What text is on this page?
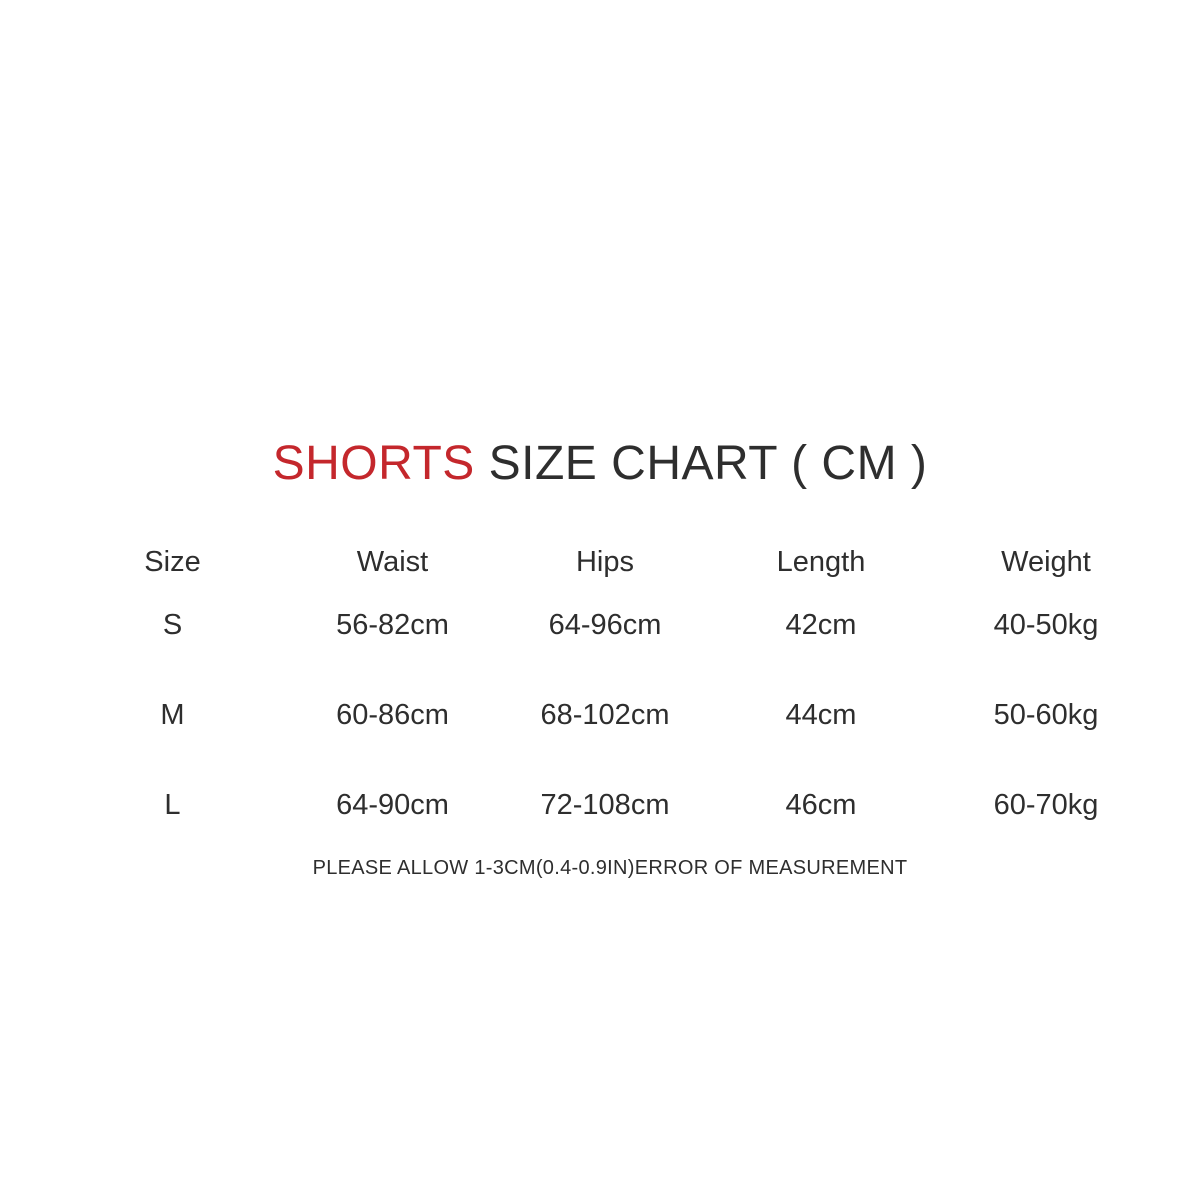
SHORTS SIZE CHART ( CM )
Size	Waist	Hips	Length	Weight
S	56-82cm	64-96cm	42cm	40-50kg
M	60-86cm	68-102cm	44cm	50-60kg
L	64-90cm	72-108cm	46cm	60-70kg
PLEASE ALLOW 1-3CM(0.4-0.9IN)ERROR OF MEASUREMENT
